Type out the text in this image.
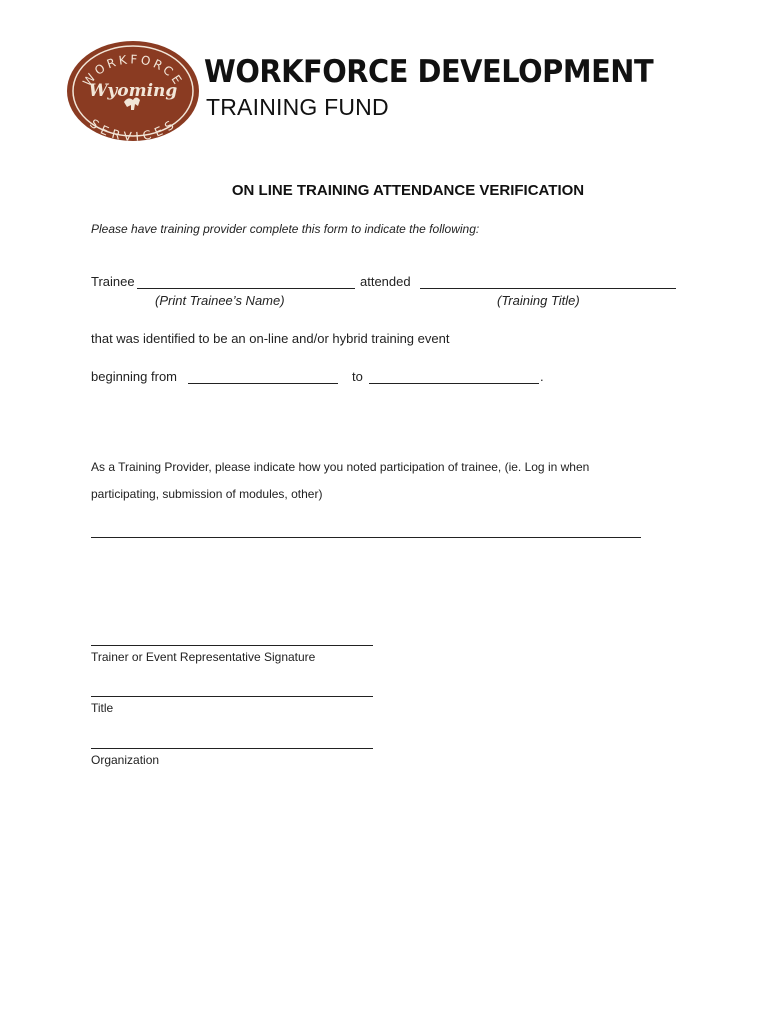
WORKFORCE
SERVICES
Wyoming
WORKFORCE DEVELOPMENT
TRAINING FUND
ON LINE TRAINING ATTENDANCE VERIFICATION
Please have training provider complete this form to indicate the following:
Trainee	attended
(Print Trainee’s Name)	(Training Title)
that was identified to be an on-line and/or hybrid training event
beginning from	to	.
As a Training Provider, please indicate how you noted participation of trainee, (ie. Log in when
participating, submission of modules, other)
Trainer or Event Representative Signature
Title
Organization
